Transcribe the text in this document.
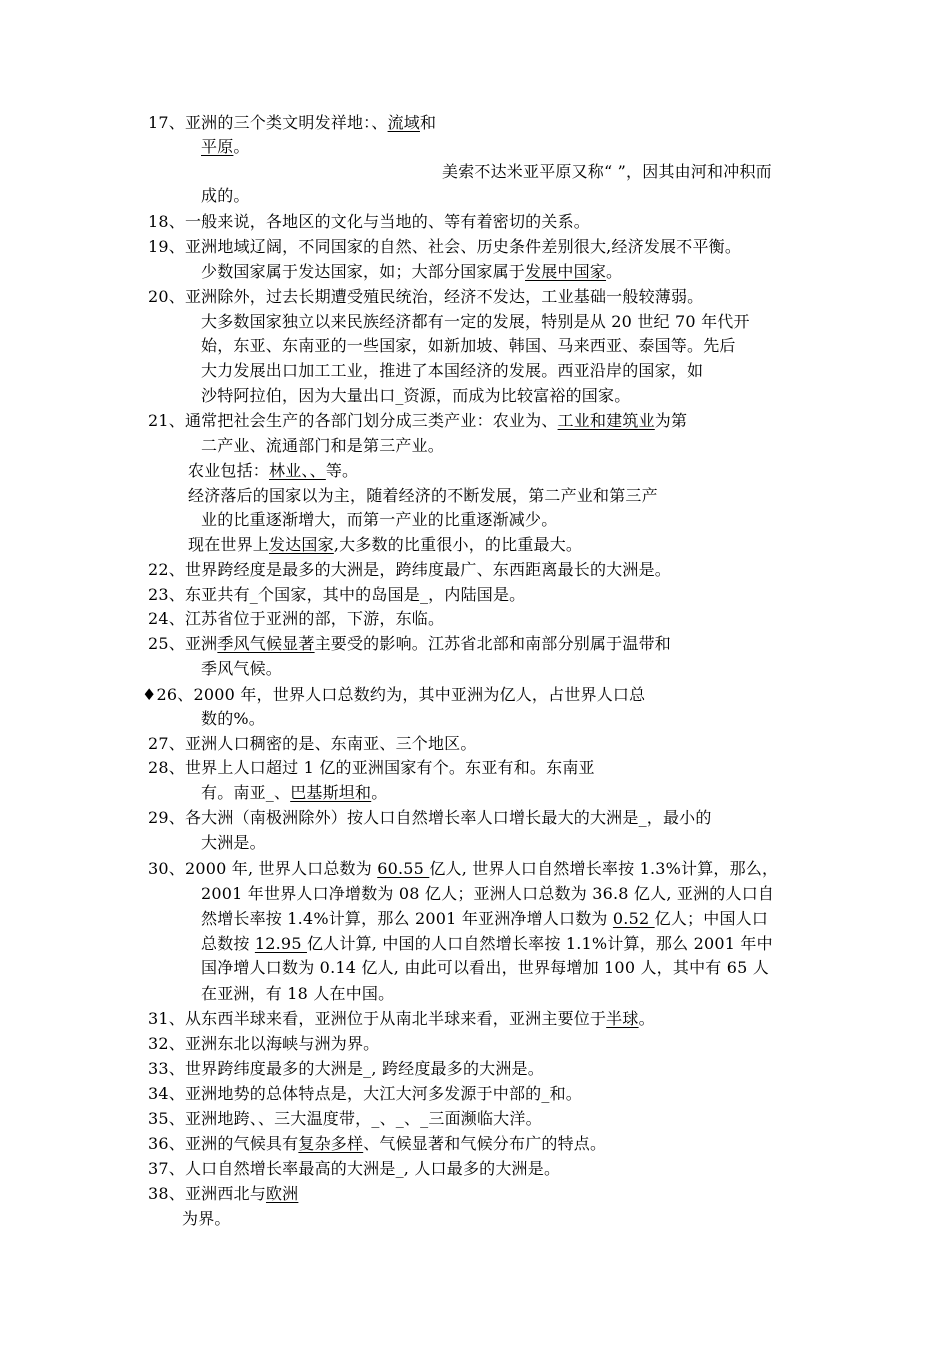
17、亚洲的三个类文明发祥地：、流域和
平原。
美索不达米亚平原又称“ ”，因其由河和冲积而
成的。
18、一般来说，各地区的文化与当地的、等有着密切的关系。
19、亚洲地域辽阔，不同国家的自然、社会、历史条件差别很大,经济发展不平衡。
少数国家属于发达国家，如；大部分国家属于发展中国家。
20、亚洲除外，过去长期遭受殖民统治，经济不发达，工业基础一般较薄弱。
大多数国家独立以来民族经济都有一定的发展，特别是从 20 世纪 70 年代开
始，东亚、东南亚的一些国家，如新加坡、韩国、马来西亚、泰国等。先后
大力发展出口加工工业，推进了本国经济的发展。西亚沿岸的国家，如
沙特阿拉伯，因为大量出口_资源，而成为比较富裕的国家。
21、通常把社会生产的各部门划分成三类产业：农业为、工业和建筑业为第
二产业、流通部门和是第三产业。
农业包括：林业、、等。
经济落后的国家以为主，随着经济的不断发展，第二产业和第三产
业的比重逐渐增大，而第一产业的比重逐渐减少。
现在世界上发达国家,大多数的比重很小，的比重最大。
22、世界跨经度是最多的大洲是，跨纬度最广、东西距离最长的大洲是。
23、东亚共有_个国家，其中的岛国是_，内陆国是。
24、江苏省位于亚洲的部，下游，东临。
25、亚洲季风气候显著主要受的影响。江苏省北部和南部分别属于温带和
季风气候。
♦26、2000 年，世界人口总数约为，其中亚洲为亿人，占世界人口总
数的%。
27、亚洲人口稠密的是、东南亚、三个地区。
28、世界上人口超过 1 亿的亚洲国家有个。东亚有和。东南亚
有。南亚_、巴基斯坦和。
29、各大洲（南极洲除外）按人口自然增长率人口增长最大的大洲是_，最小的
大洲是。
30、2000 年, 世界人口总数为 60.55 亿人, 世界人口自然增长率按 1.3%计算，那么，
2001 年世界人口净增数为 08 亿人；亚洲人口总数为 36.8 亿人, 亚洲的人口自
然增长率按 1.4%计算，那么 2001 年亚洲净增人口数为 0.52 亿人；中国人口
总数按 12.95 亿人计算, 中国的人口自然增长率按 1.1%计算，那么 2001 年中
国净增人口数为 0.14 亿人, 由此可以看出，世界每增加 100 人，其中有 65 人
在亚洲，有 18 人在中国。
31、从东西半球来看，亚洲位于从南北半球来看，亚洲主要位于半球。
32、亚洲东北以海峡与洲为界。
33、世界跨纬度最多的大洲是_, 跨经度最多的大洲是。
34、亚洲地势的总体特点是，大江大河多发源于中部的_和。
35、亚洲地跨、、三大温度带，_、_、_三面濒临大洋。
36、亚洲的气候具有复杂多样、气候显著和气候分布广的特点。
37、人口自然增长率最高的大洲是_, 人口最多的大洲是。
38、亚洲西北与欧洲
为界。
